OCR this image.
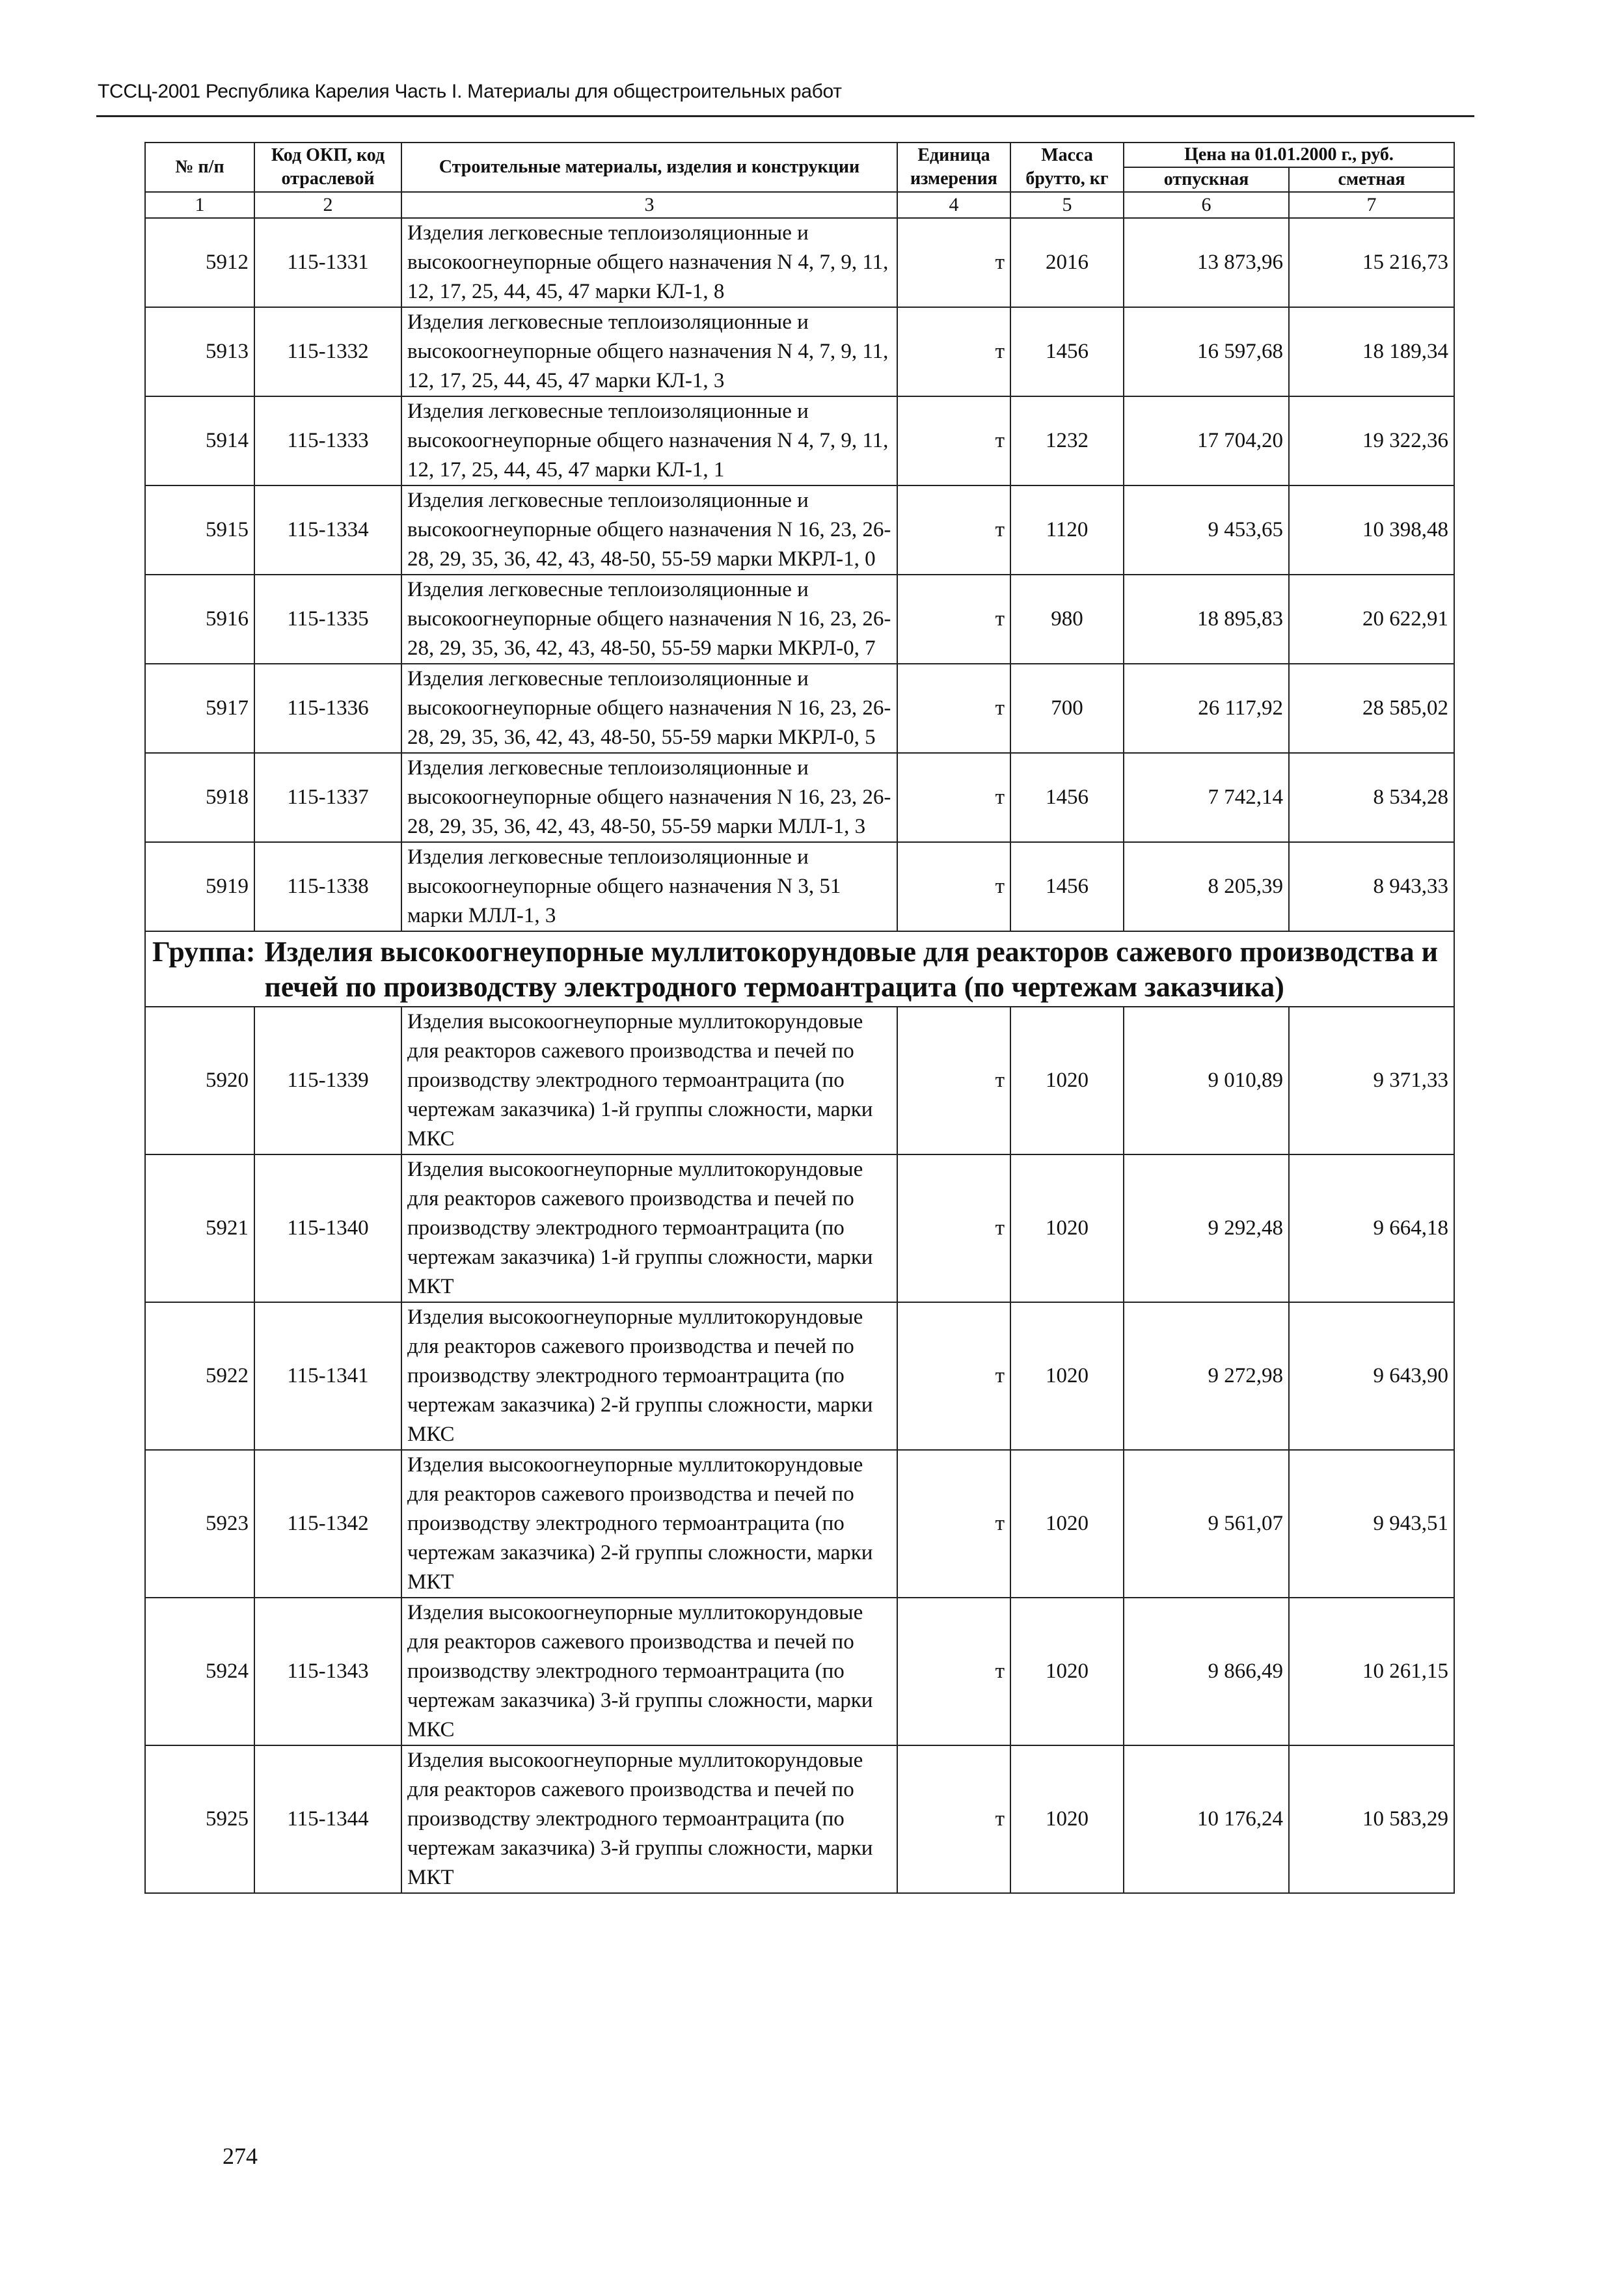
ТССЦ-2001 Республика Карелия Часть I. Материалы для общестроительных работ
№ п/п	Код ОКП, код отраслевой	Строительные материалы, изделия и конструкции	Единица измерения	Масса брутто, кг	Цена на 01.01.2000 г., руб.	
					отпускная	сметная
1	2	3	4	5	6	7
5912	115-1331	Изделия легковесные теплоизоляционные и высокоогнеупорные общего назначения N 4, 7, 9, 11, 12, 17, 25, 44, 45, 47 марки КЛ-1, 8	т	2016	13 873,96	15 216,73
5913	115-1332	Изделия легковесные теплоизоляционные и высокоогнеупорные общего назначения N 4, 7, 9, 11, 12, 17, 25, 44, 45, 47 марки КЛ-1, 3	т	1456	16 597,68	18 189,34
5914	115-1333	Изделия легковесные теплоизоляционные и высокоогнеупорные общего назначения N 4, 7, 9, 11, 12, 17, 25, 44, 45, 47 марки КЛ-1, 1	т	1232	17 704,20	19 322,36
5915	115-1334	Изделия легковесные теплоизоляционные и высокоогнеупорные общего назначения N 16, 23, 26-28, 29, 35, 36, 42, 43, 48-50, 55-59 марки МКРЛ-1, 0	т	1120	9 453,65	10 398,48
5916	115-1335	Изделия легковесные теплоизоляционные и высокоогнеупорные общего назначения N 16, 23, 26-28, 29, 35, 36, 42, 43, 48-50, 55-59 марки МКРЛ-0, 7	т	980	18 895,83	20 622,91
5917	115-1336	Изделия легковесные теплоизоляционные и высокоогнеупорные общего назначения N 16, 23, 26-28, 29, 35, 36, 42, 43, 48-50, 55-59 марки МКРЛ-0, 5	т	700	26 117,92	28 585,02
5918	115-1337	Изделия легковесные теплоизоляционные и высокоогнеупорные общего назначения N 16, 23, 26-28, 29, 35, 36, 42, 43, 48-50, 55-59 марки МЛЛ-1, 3	т	1456	7 742,14	8 534,28
5919	115-1338	Изделия легковесные теплоизоляционные и высокоогнеупорные общего назначения N 3, 51 марки МЛЛ-1, 3	т	1456	8 205,39	8 943,33

Группа: Изделия высокоогнеупорные муллитокорундовые для реакторов сажевого производства и печей по производству электродного термоантрацита (по чертежам заказчика)						

5920	115-1339	Изделия высокоогнеупорные муллитокорундовые для реакторов сажевого производства и печей по производству электродного термоантрацита (по чертежам заказчика) 1-й группы сложности, марки МКС	т	1020	9 010,89	9 371,33
5921	115-1340	Изделия высокоогнеупорные муллитокорундовые для реакторов сажевого производства и печей по производству электродного термоантрацита (по чертежам заказчика) 1-й группы сложности, марки МКТ	т	1020	9 292,48	9 664,18
5922	115-1341	Изделия высокоогнеупорные муллитокорундовые для реакторов сажевого производства и печей по производству электродного термоантрацита (по чертежам заказчика) 2-й группы сложности, марки МКС	т	1020	9 272,98	9 643,90
5923	115-1342	Изделия высокоогнеупорные муллитокорундовые для реакторов сажевого производства и печей по производству электродного термоантрацита (по чертежам заказчика) 2-й группы сложности, марки МКТ	т	1020	9 561,07	9 943,51
5924	115-1343	Изделия высокоогнеупорные муллитокорундовые для реакторов сажевого производства и печей по производству электродного термоантрацита (по чертежам заказчика) 3-й группы сложности, марки МКС	т	1020	9 866,49	10 261,15
5925	115-1344	Изделия высокоогнеупорные муллитокорундовые для реакторов сажевого производства и печей по производству электродного термоантрацита (по чертежам заказчика) 3-й группы сложности, марки МКТ	т	1020	10 176,24	10 583,29
274
